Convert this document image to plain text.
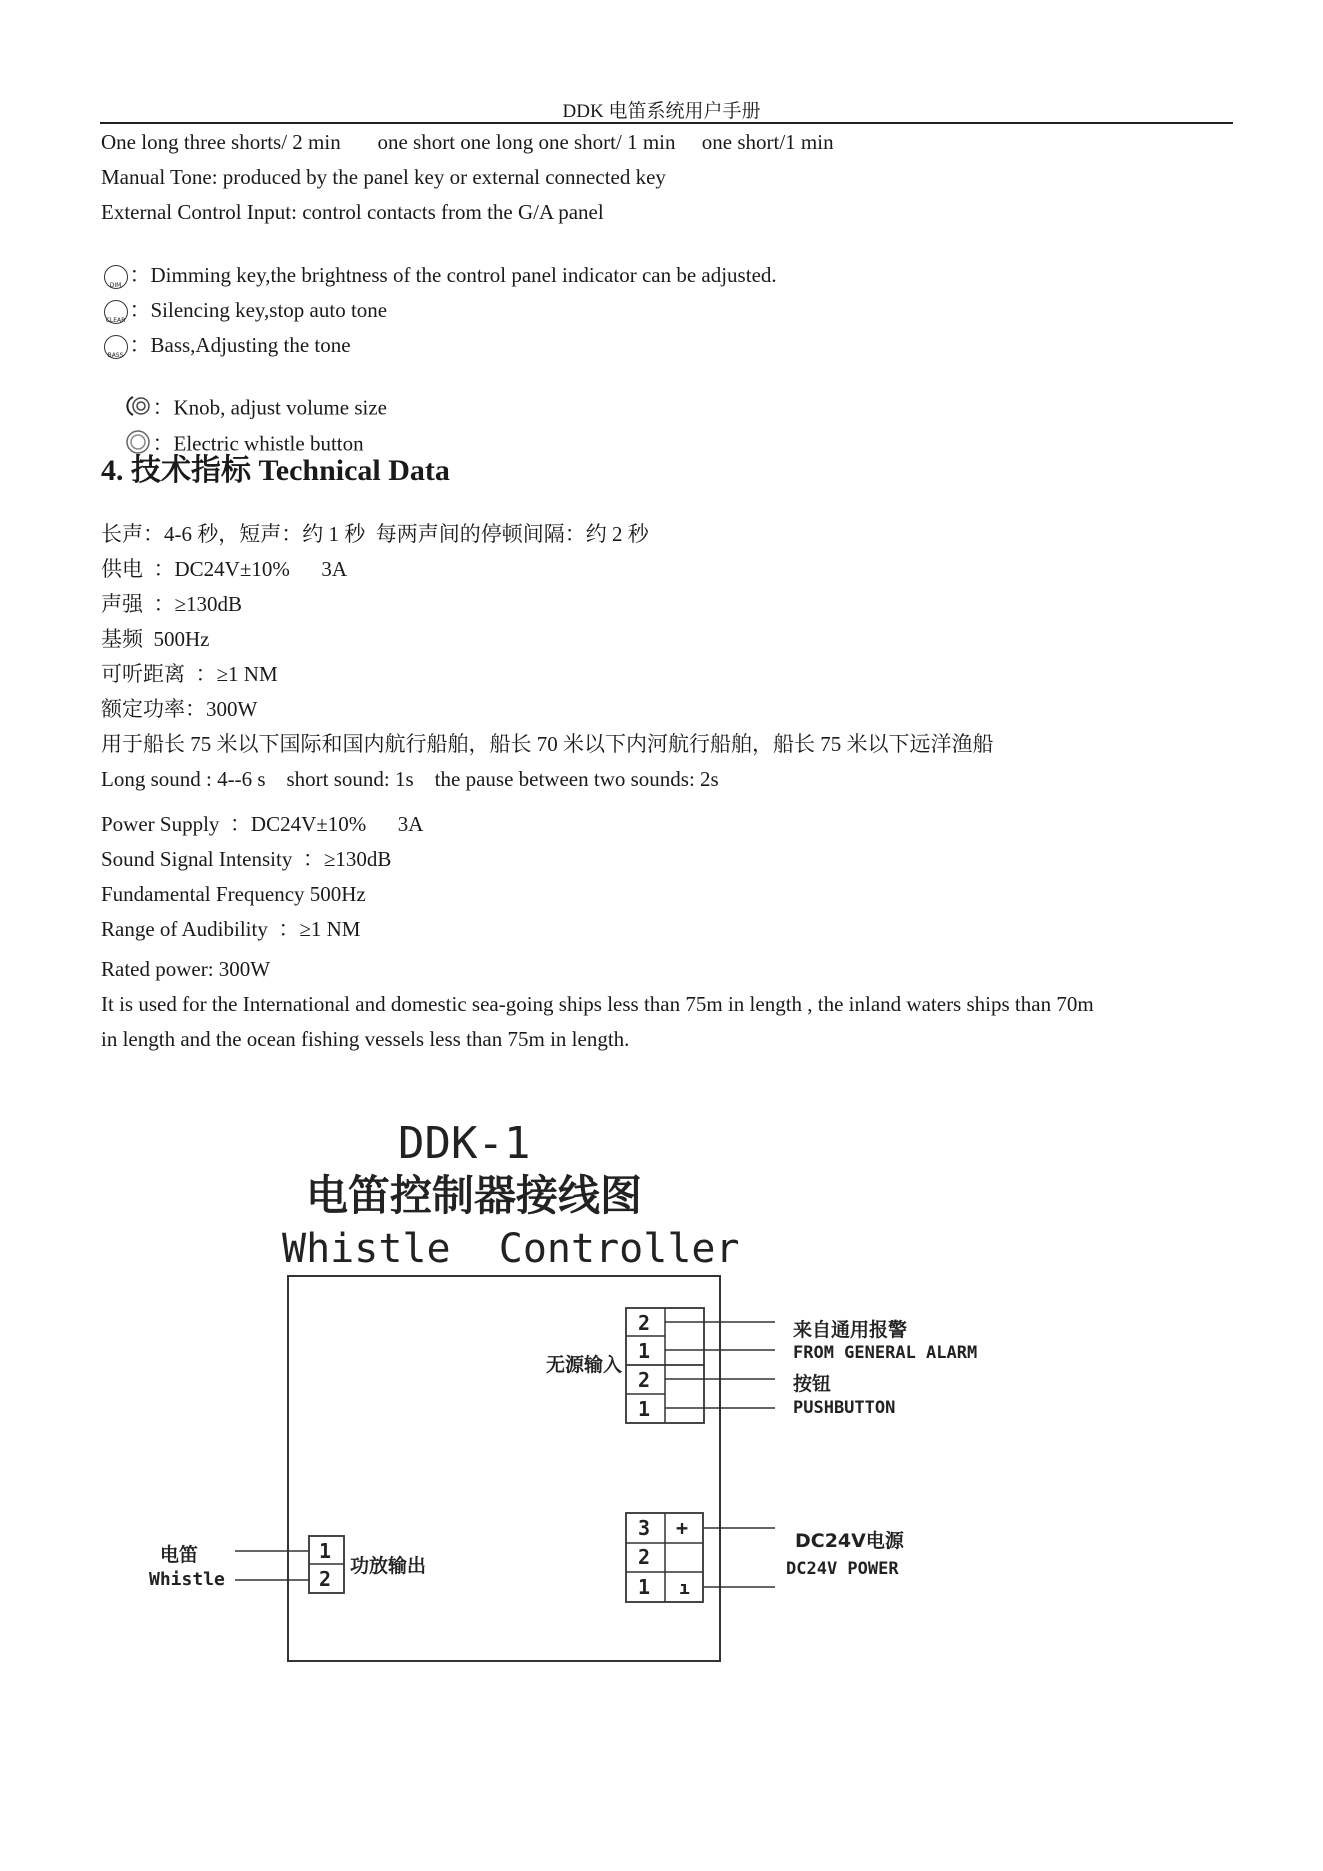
DDK 电笛系统用户手册
One long three shorts/ 2 min       one short one long one short/ 1 min     one short/1 min
Manual Tone: produced by the panel key or external connected key
External Control Input: control contacts from the G/A panel

DIM ：Dimming key,the brightness of the control panel indicator can be adjusted.

CLEAR ：Silencing key,stop auto tone

BASS ：Bass,Adjusting the tone

：Knob, adjust volume size

：Electric whistle button

4. 技术指标 Technical Data
长声：4-6 秒，短声：约 1 秒  每两声间的停顿间隔：约 2 秒
供电  ：DC24V±10%      3A
声强  ：≥130dB
基频  500Hz
可听距离  ：≥1 NM
额定功率：300W
用于船长 75 米以下国际和国内航行船舶，船长 70 米以下内河航行船舶，船长 75 米以下远洋渔船
Long sound : 4--6 s    short sound: 1s    the pause between two sounds: 2s
Power Supply  ：DC24V±10%      3A
Sound Signal Intensity  ：≥130dB
Fundamental Frequency 500Hz
Range of Audibility  ：≥1 NM
Rated power: 300W
It is used for the International and domestic sea-going ships less than 75m in length , the inland waters ships than 70m
in length and the ocean fishing vessels less than 75m in length.
DDK-1
电笛控制器接线图
Whistle  Controller
2
1
2
1
无源输入
来自通用报警
FROM GENERAL ALARM
按钮
PUSHBUTTON
3
2
1
+
ı
DC24V电源
DC24V POWER
1
2
功放输出
电笛
Whistle
